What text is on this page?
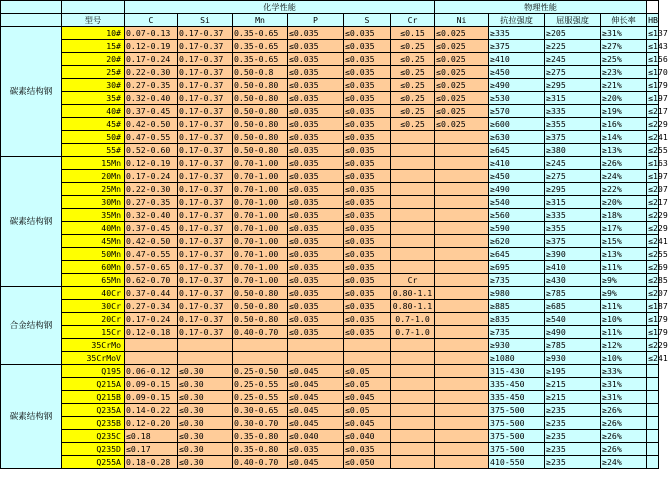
		化学性能						物理性能					
	型号	C	Si	Mn	P	S	Cr	Ni	抗拉强度	屈服强度	伸长率	HB	
碳素结构钢	10#	0.07-0.13	0.17-0.37	0.35-0.65	≤0.035	≤0.035	≤0.15	≤0.025	≥335	≥205	≥31%	≤137	
	15#	0.12-0.19	0.17-0.37	0.35-0.65	≤0.035	≤0.035	≤0.25	≤0.025	≥375	≥225	≥27%	≤143	
	20#	0.17-0.24	0.17-0.37	0.35-0.65	≤0.035	≤0.035	≤0.25	≤0.025	≥410	≥245	≥25%	≤156	
	25#	0.22-0.30	0.17-0.37	0.50-0.8	≤0.035	≤0.035	≤0.25	≤0.025	≥450	≥275	≥23%	≤170	
	30#	0.27-0.35	0.17-0.37	0.50-0.80	≤0.035	≤0.035	≤0.25	≤0.025	≥490	≥295	≥21%	≤179	
	35#	0.32-0.40	0.17-0.37	0.50-0.80	≤0.035	≤0.035	≤0.25	≤0.025	≥530	≥315	≥20%	≤197	
	40#	0.37-0.45	0.17-0.37	0.50-0.80	≤0.035	≤0.035	≤0.25	≤0.025	≥570	≥335	≥19%	≤217	
	45#	0.42-0.50	0.17-0.37	0.50-0.80	≤0.035	≤0.035	≤0.25	≤0.025	≥600	≥355	≥16%	≤229	
	50#	0.47-0.55	0.17-0.37	0.50-0.80	≤0.035	≤0.035			≥630	≥375	≥14%	≤241	
	55#	0.52-0.60	0.17-0.37	0.50-0.80	≤0.035	≤0.035			≥645	≥380	≥13%	≤255	
碳素结构钢	15Mn	0.12-0.19	0.17-0.37	0.70-1.00	≤0.035	≤0.035			≥410	≥245	≥26%	≤163	
	20Mn	0.17-0.24	0.17-0.37	0.70-1.00	≤0.035	≤0.035			≥450	≥275	≥24%	≤197	
	25Mn	0.22-0.30	0.17-0.37	0.70-1.00	≤0.035	≤0.035			≥490	≥295	≥22%	≤207	
	30Mn	0.27-0.35	0.17-0.37	0.70-1.00	≤0.035	≤0.035			≥540	≥315	≥20%	≤217	
	35Mn	0.32-0.40	0.17-0.37	0.70-1.00	≤0.035	≤0.035			≥560	≥335	≥18%	≤229	
	40Mn	0.37-0.45	0.17-0.37	0.70-1.00	≤0.035	≤0.035			≥590	≥355	≥17%	≤229	
	45Mn	0.42-0.50	0.17-0.37	0.70-1.00	≤0.035	≤0.035			≥620	≥375	≥15%	≤241	
	50Mn	0.47-0.55	0.17-0.37	0.70-1.00	≤0.035	≤0.035			≥645	≥390	≥13%	≤255	
	60Mn	0.57-0.65	0.17-0.37	0.70-1.00	≤0.035	≤0.035			≥695	≥410	≥11%	≤269	
	65Mn	0.62-0.70	0.17-0.37	0.70-1.00	≤0.035	≤0.035	Cr		≥735	≥430	≥9%	≤285	
合金结构钢	40Cr	0.37-0.44	0.17-0.37	0.50-0.80	≤0.035	≤0.035	0.80-1.1		≥980	≥785	≥9%	≤207	
	30Cr	0.27-0.34	0.17-0.37	0.50-0.80	≤0.035	≤0.035	0.80-1.1		≥885	≥685	≥11%	≤187	
	20Cr	0.17-0.24	0.17-0.37	0.50-0.80	≤0.035	≤0.035	0.7-1.0		≥835	≥540	≥10%	≤179	
	15Cr	0.12-0.18	0.17-0.37	0.40-0.70	≤0.035	≤0.035	0.7-1.0		≥735	≥490	≥11%	≤179	
	35CrMo								≥930	≥785	≥12%	≤229	
	35CrMoV								≥1080	≥930	≥10%	≤241	
碳素结构钢	Q195	0.06-0.12	≤0.30	0.25-0.50	≤0.045	≤0.05			315-430	≥195	≥33%		
	Q215A	0.09-0.15	≤0.30	0.25-0.55	≤0.045	≤0.05			335-450	≥215	≥31%		
	Q215B	0.09-0.15	≤0.30	0.25-0.55	≤0.045	≤0.045			335-450	≥215	≥31%		
	Q235A	0.14-0.22	≤0.30	0.30-0.65	≤0.045	≤0.05			375-500	≥235	≥26%		
	Q235B	0.12-0.20	≤0.30	0.30-0.70	≤0.045	≤0.045			375-500	≥235	≥26%		
	Q235C	≤0.18	≤0.30	0.35-0.80	≤0.040	≤0.040			375-500	≥235	≥26%		
	Q235D	≤0.17	≤0.30	0.35-0.80	≤0.035	≤0.035			375-500	≥235	≥26%		
	Q255A	0.18-0.28	≤0.30	0.40-0.70	≤0.045	≤0.050			410-550	≥235	≥24%		
